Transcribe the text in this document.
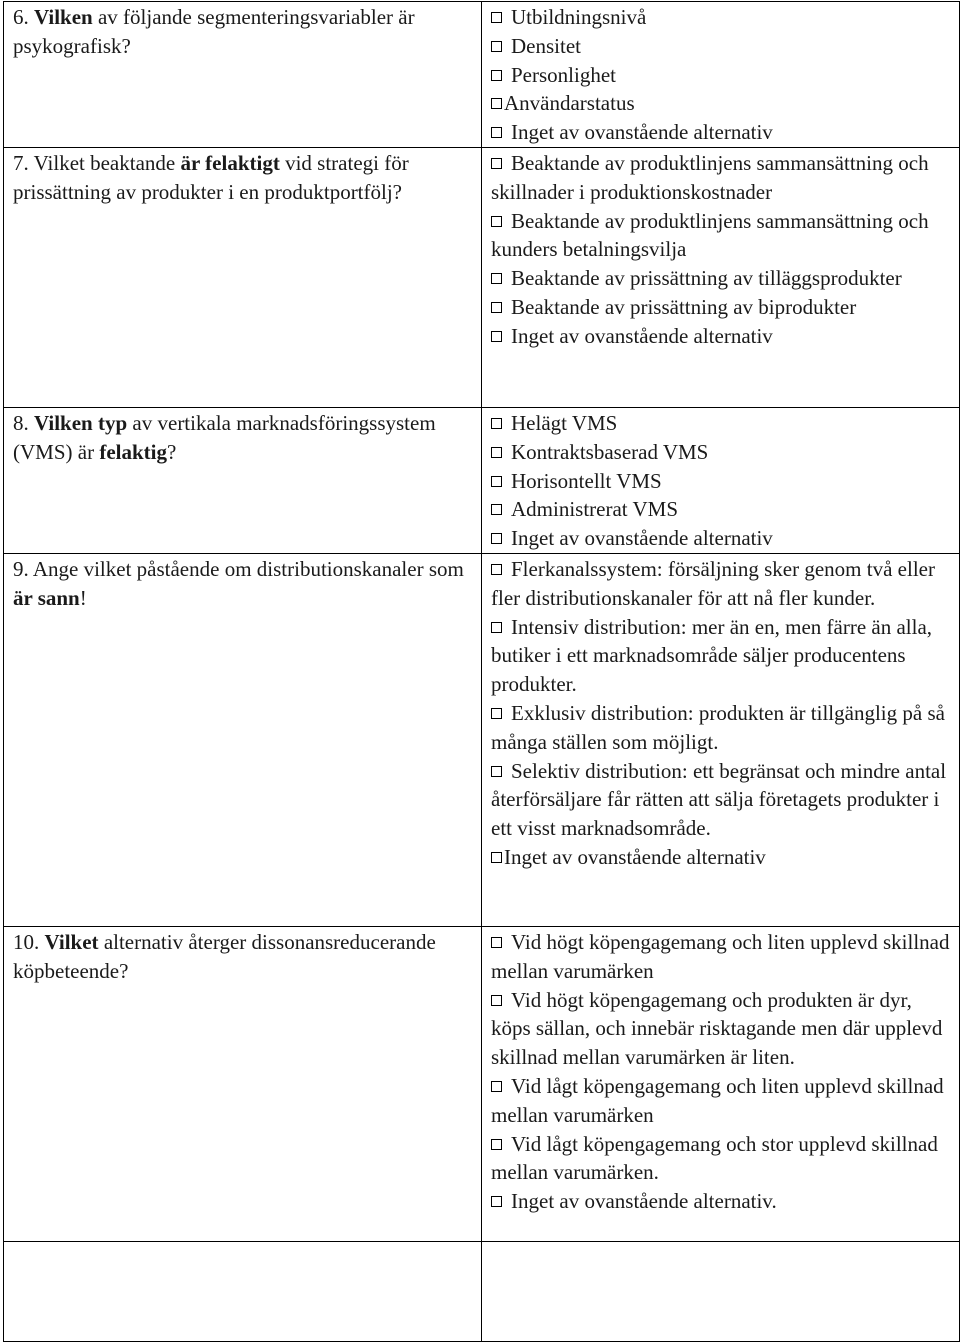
6. Vilken av följande segmenteringsvariabler är psykografisk?	Utbildningsnivå
Densitet
Personlighet
Användarstatus
Inget av ovanstående alternativ

7. Vilket beaktande är felaktigt vid strategi för prissättning av produkter i en produktportfölj?	Beaktande av produktlinjens sammansättning och skillnader i produktionskostnader
Beaktande av produktlinjens sammansättning och kunders betalningsvilja
Beaktande av prissättning av tilläggsprodukter
Beaktande av prissättning av biprodukter
Inget av ovanstående alternativ

8. Vilken typ av vertikala marknadsföringssystem (VMS) är felaktig?	Helägt VMS
Kontraktsbaserad VMS
Horisontellt VMS
Administrerat VMS
Inget av ovanstående alternativ

9. Ange vilket påstående om distributionskanaler som är sann!	Flerkanalssystem: försäljning sker genom två eller fler distributionskanaler för att nå fler kunder.
Intensiv distribution: mer än en, men färre än alla, butiker i ett marknadsområde säljer producentens produkter.
Exklusiv distribution: produkten är tillgänglig på så många ställen som möjligt.
Selektiv distribution: ett begränsat och mindre antal återförsäljare får rätten att sälja företagets produkter i ett visst marknadsområde.
Inget av ovanstående alternativ

10. Vilket alternativ återger dissonansreducerande köpbeteende?	Vid högt köpengagemang och liten upplevd skillnad mellan varumärken
Vid högt köpengagemang och produkten är dyr, köps sällan, och innebär risktagande men där upplevd skillnad mellan varumärken är liten.
Vid lågt köpengagemang och liten upplevd skillnad mellan varumärken
Vid lågt köpengagemang och stor upplevd skillnad mellan varumärken.
Inget av ovanstående alternativ.
